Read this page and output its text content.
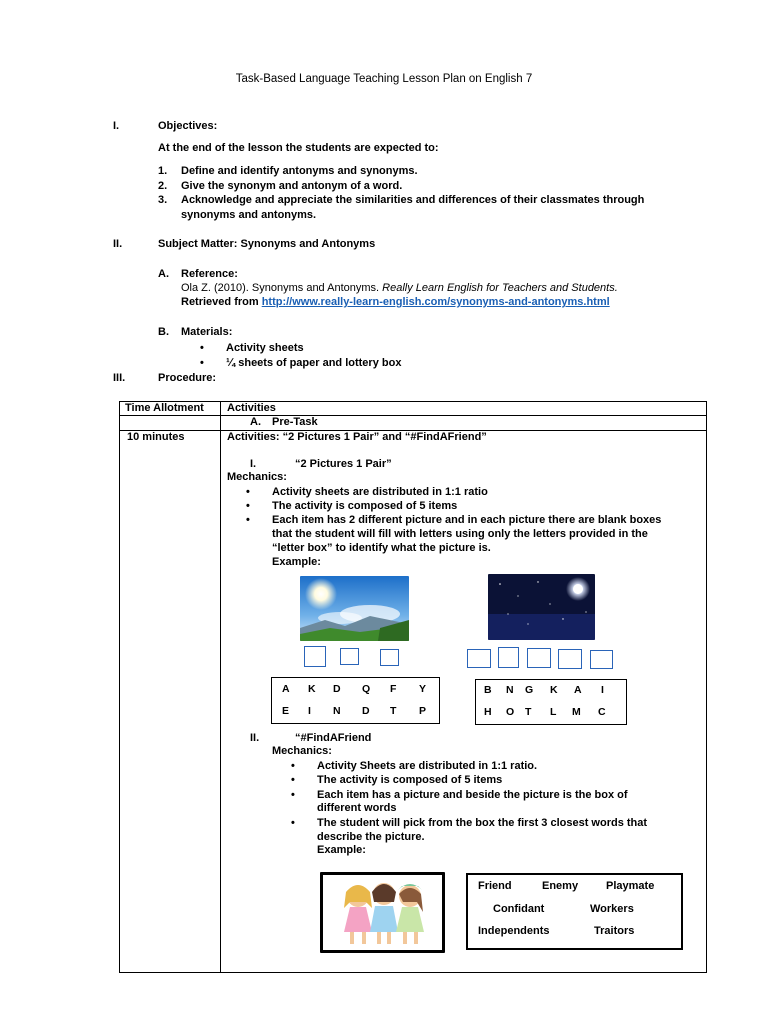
Task-Based Language Teaching Lesson Plan on English 7
I.	Objectives:
At the end of the lesson the students are expected to:
1. Define and identify antonyms and synonyms.
2. Give the synonym and antonym of a word.
3. Acknowledge and appreciate the similarities and differences of their classmates through
synonyms and antonyms.
II.	Subject Matter: Synonyms and Antonyms
A. Reference:
Ola Z. (2010). Synonyms and Antonyms. Really Learn English for Teachers and Students.
Retrieved from http://www.really-learn-english.com/synonyms-and-antonyms.html
B. Materials:
• Activity sheets
• ¼ sheets of paper and lottery box
III.	Procedure:

Time Allotment Activities
A. Pre-Task
10 minutes	Activities: “2 Pictures 1 Pair” and “#FindAFriend”
I.	“2 Pictures 1 Pair”
Mechanics:
• Activity sheets are distributed in 1:1 ratio
• The activity is composed of 5 items
• Each item has 2 different picture and in each picture there are blank boxes
that the student will fill with letters using only the letters provided in the
“letter box” to identify what the picture is.
Example:
A K D Q F Y
E I N D T P
B N G K A I
H O T L M C
II.	“#FindAFriend
Mechanics:
• Activity Sheets are distributed in 1:1 ratio.
• The activity is composed of 5 items
• Each item has a picture and beside the picture is the box of
different words
• The student will pick from the box the first 3 closest words that
describe the picture.
Example:
Friend	Enemy	Playmate
Confidant	Workers
Independents	Traitors
